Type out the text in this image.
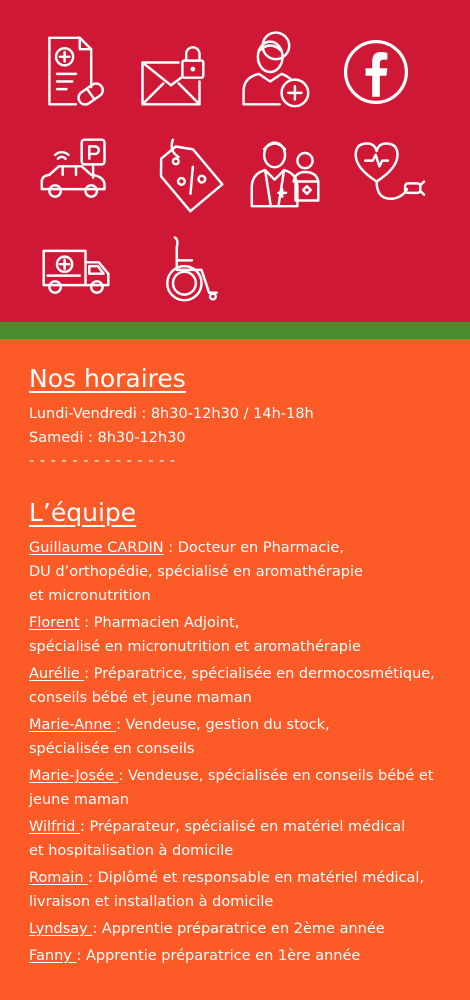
Nos horaires
Lundi-Vendredi : 8h30-12h30 / 14h-18h
Samedi : 8h30-12h30
- - - - - - - - - - - - - -
L’équipe
Guillaume CARDIN : Docteur en Pharmacie,
DU d’orthopédie, spécialisé en aromathérapie
et micronutrition
Florent : Pharmacien Adjoint,
spécialisé en micronutrition et aromathérapie
Aurélie : Préparatrice, spécialisée en dermocosmétique,
conseils bébé et jeune maman
Marie-Anne : Vendeuse, gestion du stock,
spécialisée en conseils
Marie-Josée : Vendeuse, spécialisée en conseils bébé et
jeune maman
Wilfrid : Préparateur, spécialisé en matériel médical
et hospitalisation à domicile
Romain : Diplômé et responsable en matériel médical,
livraison et installation à domicile
Lyndsay : Apprentie préparatrice en 2ème année
Fanny : Apprentie préparatrice en 1ère année
